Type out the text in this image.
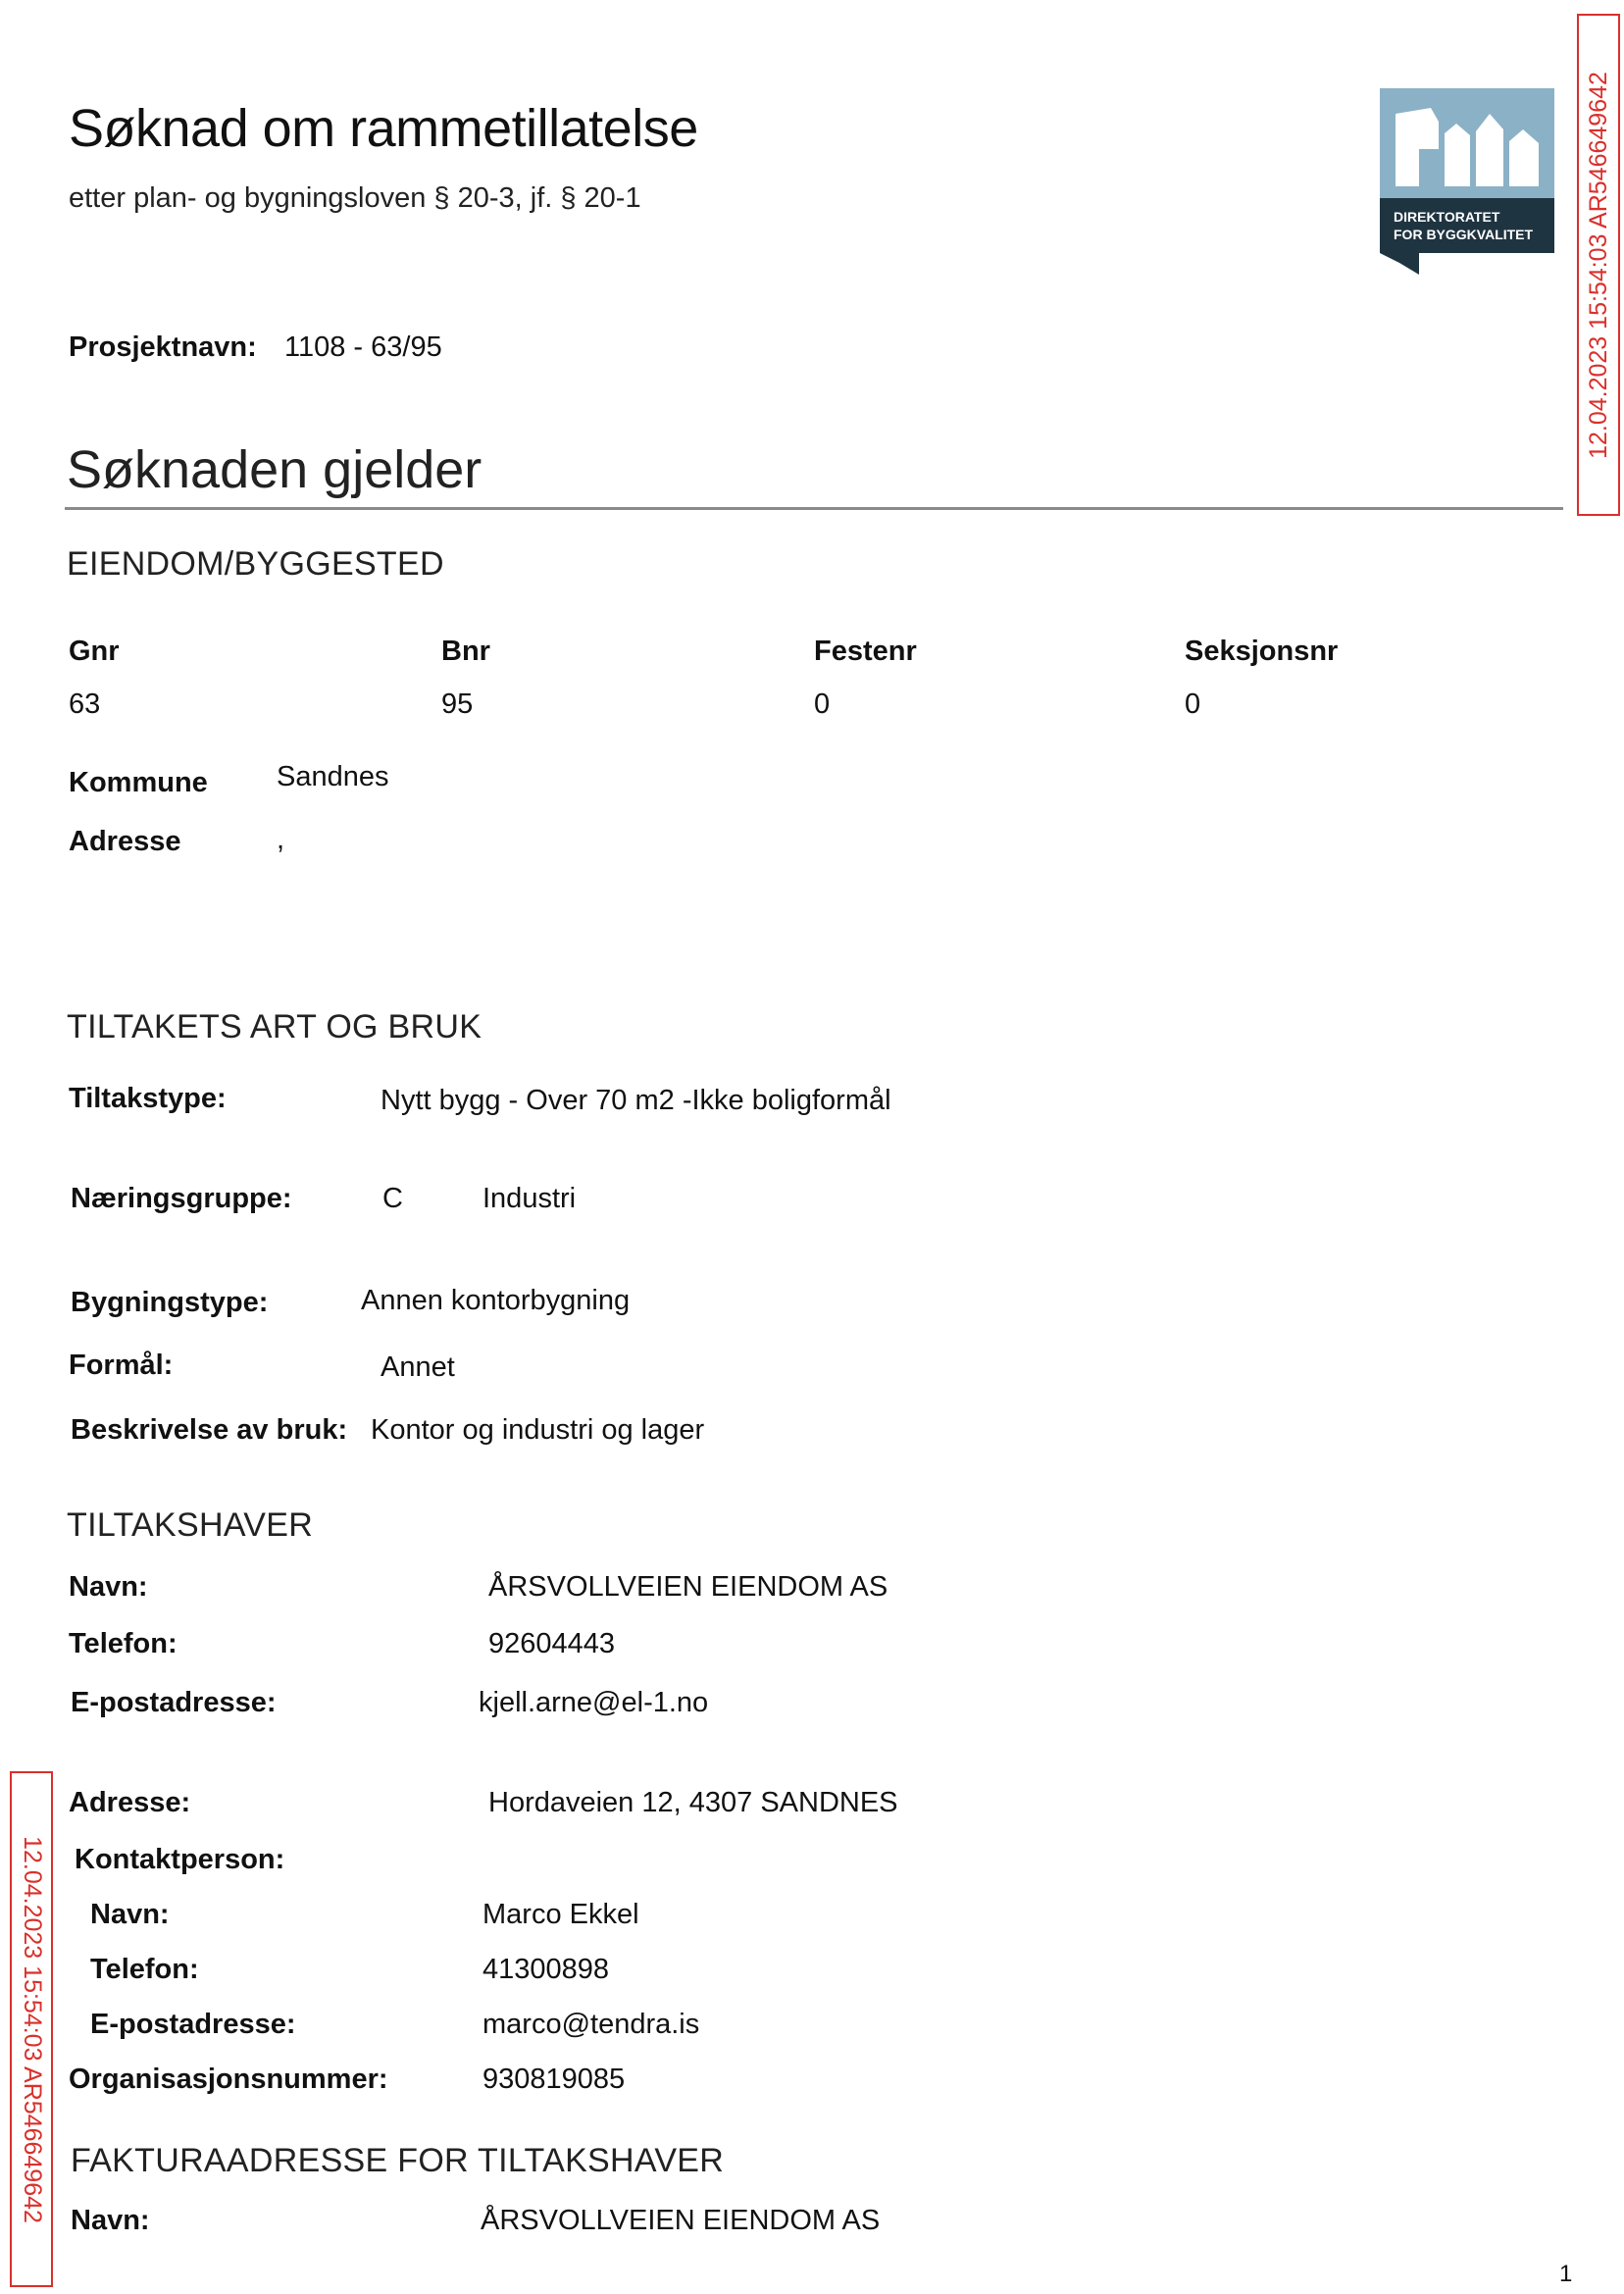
Søknad om rammetillatelse
etter plan- og bygningsloven § 20-3, jf. § 20-1
DIREKTORATET
FOR BYGGKVALITET 12.04.2023 15:54:03 AR546649642
12.04.2023 15:54:03 AR546649642
Prosjektnavn: 1108 - 63/95
Søknaden gjelder
EIENDOM/BYGGESTED
Gnr	Bnr	Festenr	Seksjonsnr
63	95	0	0
Kommune Sandnes
Adresse	,
TILTAKETS ART OG BRUK
Tiltakstype:	Nytt bygg - Over 70 m2 -Ikke boligformål
Næringsgruppe:	C	Industri
Bygningstype:	Annen kontorbygning
Formål:	Annet
Beskrivelse av bruk: Kontor og industri og lager
TILTAKSHAVER
Navn:	ÅRSVOLLVEIEN EIENDOM AS
Telefon:	92604443
E-postadresse:	kjell.arne@el-1.no
Adresse:	Hordaveien 12, 4307 SANDNES
Kontaktperson:
Navn:	Marco Ekkel
Telefon:	41300898
E-postadresse:	marco@tendra.is
Organisasjonsnummer:	930819085
FAKTURAADRESSE FOR TILTAKSHAVER
Navn:	ÅRSVOLLVEIEN EIENDOM AS
1
